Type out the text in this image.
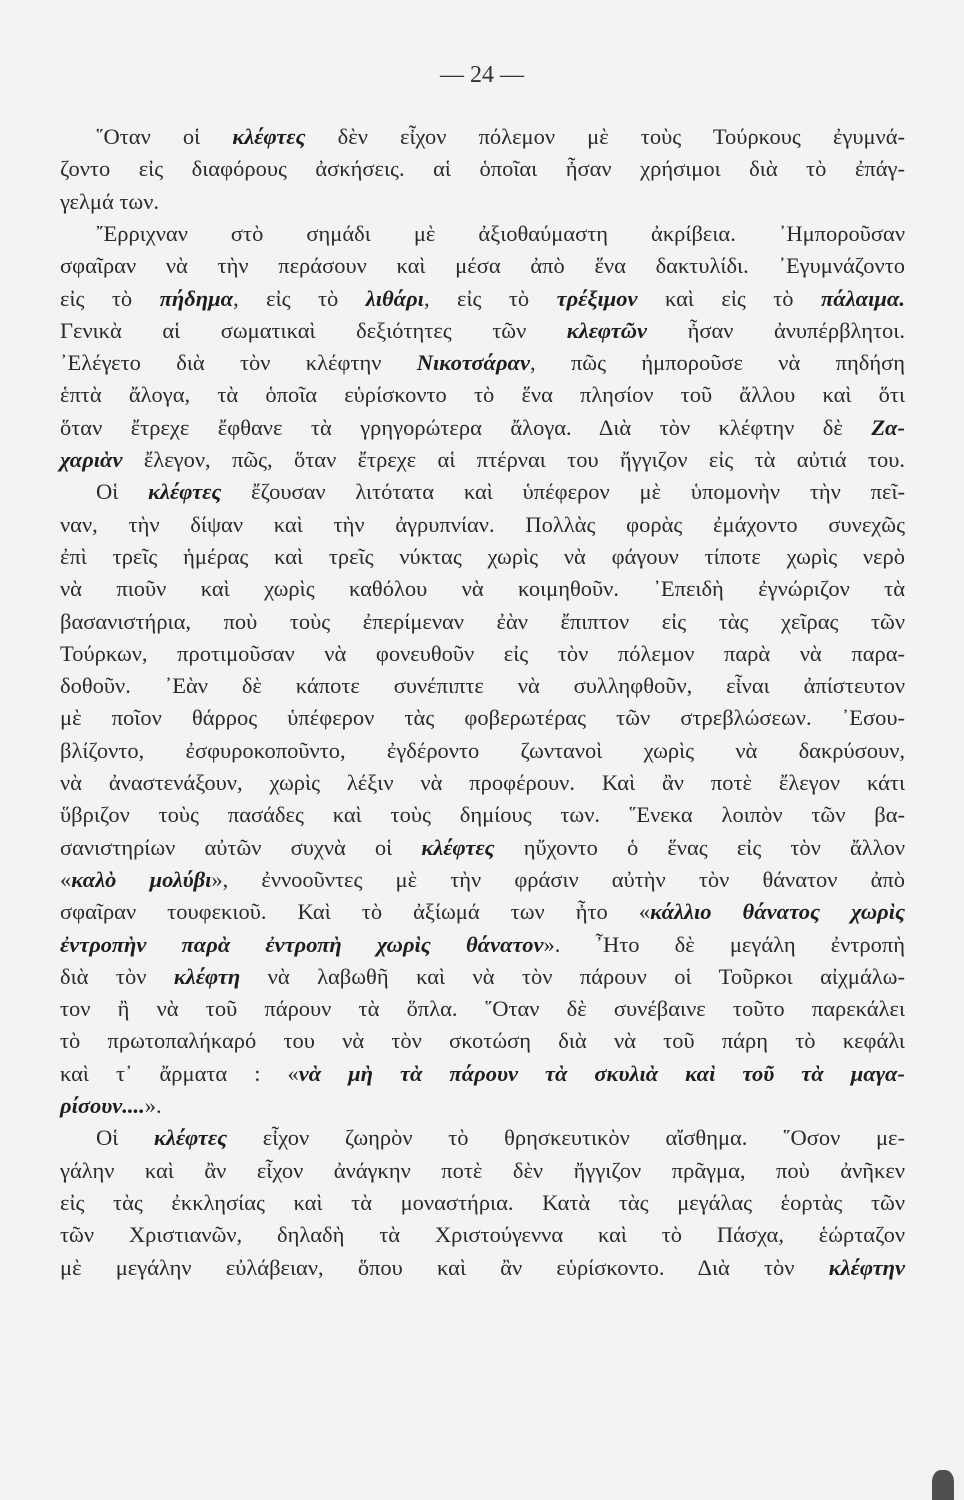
— 24 —
῞Οταν οἱ κλέφτες δὲν εἶχον πόλεμον μὲ τοὺς Τούρκους ἐγυμνά-
ζοντο εἰς διαφόρους ἀσκήσεις. αἱ ὁποῖαι ἦσαν χρήσιμοι διὰ τὸ ἐπάγ-
γελμά των.
῎Ερριχναν στὸ σημάδι μὲ ἀξιοθαύμαστη ἀκρίβεια. ᾿Ημποροῦσαν
σφαῖραν νὰ τὴν περάσουν καὶ μέσα ἀπὸ ἕνα δακτυλίδι. ᾿Εγυμνάζοντο
εἰς τὸ πήδημα, εἰς τὸ λιθάρι, εἰς τὸ τρέξιμον καὶ εἰς τὸ πάλαιμα.
Γενικὰ αἱ σωματικαὶ δεξιότητες τῶν κλεφτῶν ἦσαν ἀνυπέρβλητοι.
᾿Ελέγετο διὰ τὸν κλέφτην Νικοτσάραν, πῶς ἠμποροῦσε νὰ πηδήση
ἑπτὰ ἄλογα, τὰ ὁποῖα εὑρίσκοντο τὸ ἕνα πλησίον τοῦ ἄλλου καὶ ὅτι
ὅταν ἔτρεχε ἔφθανε τὰ γρηγορώτερα ἄλογα. Διὰ τὸν κλέφτην δὲ Ζα-
χαριὰν ἔλεγον, πῶς, ὅταν ἔτρεχε αἱ πτέρναι του ἤγγιζον εἰς τὰ αὐτιά του.
Οἱ κλέφτες ἔζουσαν λιτότατα καὶ ὑπέφερον μὲ ὑπομονὴν τὴν πεῖ-
ναν, τὴν δίψαν καὶ τὴν ἀγρυπνίαν. Πολλὰς φορὰς ἐμάχοντο συνεχῶς
ἐπὶ τρεῖς ἡμέρας καὶ τρεῖς νύκτας χωρὶς νὰ φάγουν τίποτε χωρὶς νερὸ
νὰ πιοῦν καὶ χωρὶς καθόλου νὰ κοιμηθοῦν. ᾿Επειδὴ ἐγνώριζον τὰ
βασανιστήρια, ποὺ τοὺς ἐπερίμεναν ἐὰν ἔπιπτον εἰς τὰς χεῖρας τῶν
Τούρκων, προτιμοῦσαν νὰ φονευθοῦν εἰς τὸν πόλεμον παρὰ νὰ παρα-
δοθοῦν. ᾿Εὰν δὲ κάποτε συνέπιπτε νὰ συλληφθοῦν, εἶναι ἀπίστευτον
μὲ ποῖον θάρρος ὑπέφερον τὰς φοβερωτέρας τῶν στρεβλώσεων. ᾿Εσου-
βλίζοντο, ἐσφυροκοποῦντο, ἐγδέροντο ζωντανοὶ χωρὶς νὰ δακρύσουν,
νὰ ἀναστενάξουν, χωρὶς λέξιν νὰ προφέρουν. Καὶ ἂν ποτὲ ἔλεγον κάτι
ὕβριζον τοὺς πασάδες καὶ τοὺς δημίους των. ῞Ενεκα λοιπὸν τῶν βα-
σανιστηρίων αὐτῶν συχνὰ οἱ κλέφτες ηὔχοντο ὁ ἕνας εἰς τὸν ἄλλον
«καλὸ μολύβι», ἐννοοῦντες μὲ τὴν φράσιν αὐτὴν τὸν θάνατον ἀπὸ
σφαῖραν τουφεκιοῦ. Καὶ τὸ ἀξίωμά των ἦτο «κάλλιο θάνατος χωρὶς
ἐντροπὴν παρὰ ἐντροπὴ χωρὶς θάνατον». ῏Ητο δὲ μεγάλη ἐντροπὴ
διὰ τὸν κλέφτη νὰ λαβωθῆ καὶ νὰ τὸν πάρουν οἱ Τοῦρκοι αἰχμάλω-
τον ἢ νὰ τοῦ πάρουν τὰ ὅπλα. ῞Οταν δὲ συνέβαινε τοῦτο παρεκάλει
τὸ πρωτοπαλήκαρό του νὰ τὸν σκοτώση διὰ νὰ τοῦ πάρη τὸ κεφάλι
καὶ τ᾽ ἄρματα : «νὰ μὴ τὰ πάρουν τὰ σκυλιὰ καὶ τοῦ τὰ μαγα-
ρίσουν....».
Οἱ κλέφτες εἶχον ζωηρὸν τὸ θρησκευτικὸν αἴσθημα. ῞Οσον με-
γάλην καὶ ἂν εἶχον ἀνάγκην ποτὲ δὲν ἤγγιζον πρᾶγμα, ποὺ ἀνῆκεν
εἰς τὰς ἐκκλησίας καὶ τὰ μοναστήρια. Κατὰ τὰς μεγάλας ἑορτὰς τῶν
τῶν Χριστιανῶν, δηλαδὴ τὰ Χριστούγεννα καὶ τὸ Πάσχα, ἑώρταζον
μὲ μεγάλην εὐλάβειαν, ὅπου καὶ ἂν εὑρίσκοντο. Διὰ τὸν κλέφτην
